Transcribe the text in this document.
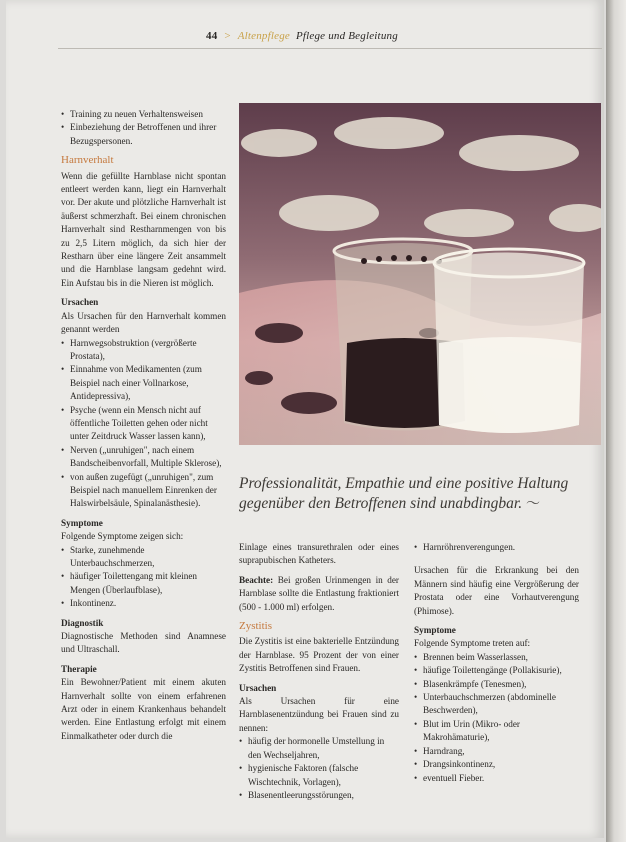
44 > Altenpflege Pflege und Begleitung
• Training zu neuen Verhaltensweisen
• Einbeziehung der Betroffenen und ihrer Bezugspersonen.
Harnverhalt

Wenn die gefüllte Harnblase nicht spontan entleert werden kann, liegt ein Harnverhalt vor. Der akute und plötzliche Harnverhalt ist äußerst schmerzhaft. Bei einem chronischen Harnverhalt sind Restharnmengen von bis zu 2,5 Litern möglich, da sich hier der Restharn über eine längere Zeit ansammelt und die Harnblase langsam gedehnt wird. Ein Aufstau bis in die Nieren ist möglich.

Ursachen

Als Ursachen für den Harnverhalt kommen genannt werden

• Harnwegsobstruktion (vergrößerte Prostata),
• Einnahme von Medikamenten (zum Beispiel nach einer Vollnarkose, Antidepressiva),
• Psyche (wenn ein Mensch nicht auf öffentliche Toiletten gehen oder nicht unter Zeitdruck Wasser lassen kann),
• Nerven („unruhigen", nach einem Bandscheibenvorfall, Multiple Sklerose),
• von außen zugefügt („unruhigen", zum Beispiel nach manuellem Einrenken der Halswirbelsäule, Spinalanästhesie).
Symptome

Folgende Symptome zeigen sich:

• Starke, zunehmende Unterbauchschmerzen,
• häufiger Toilettengang mit kleinen Mengen (Überlaufblase),
• Inkontinenz.
Diagnostik

Diagnostische Methoden sind Anamnese und Ultraschall.

Therapie

Ein Bewohner/Patient mit einem akuten Harnverhalt sollte von einem erfahrenen Arzt oder in einem Krankenhaus behandelt werden. Eine Entlastung erfolgt mit einem Einmalkatheter oder durch die

Professionalität, Empathie und eine positive Haltung gegenüber den Betroffenen sind unabdingbar. 〜

Einlage eines transurethralen oder eines suprapubischen Katheters.

Beachte: Bei großen Urinmengen in der Harnblase sollte die Entlastung fraktioniert (500 - 1.000 ml) erfolgen.

Zystitis

Die Zystitis ist eine bakterielle Entzündung der Harnblase. 95 Prozent der von einer Zystitis Betroffenen sind Frauen.

Ursachen

Als Ursachen für eine Harnblasenentzündung bei Frauen sind zu nennen:

• häufig der hormonelle Umstellung in den Wechseljahren,
• hygienische Faktoren (falsche Wischtechnik, Vorlagen),
• Blasenentleerungsstörungen,
• Harnröhrenverengungen.

Ursachen für die Erkrankung bei den Männern sind häufig eine Vergrößerung der Prostata oder eine Vorhautverengung (Phimose).

Symptome

Folgende Symptome treten auf:

• Brennen beim Wasserlassen,
• häufige Toilettengänge (Pollakisurie),
• Blasenkrämpfe (Tenesmen),
• Unterbauchschmerzen (abdominelle Beschwerden),
• Blut im Urin (Mikro- oder Makrohämaturie),
• Harndrang,
• Drangsinkontinenz,
• eventuell Fieber.
